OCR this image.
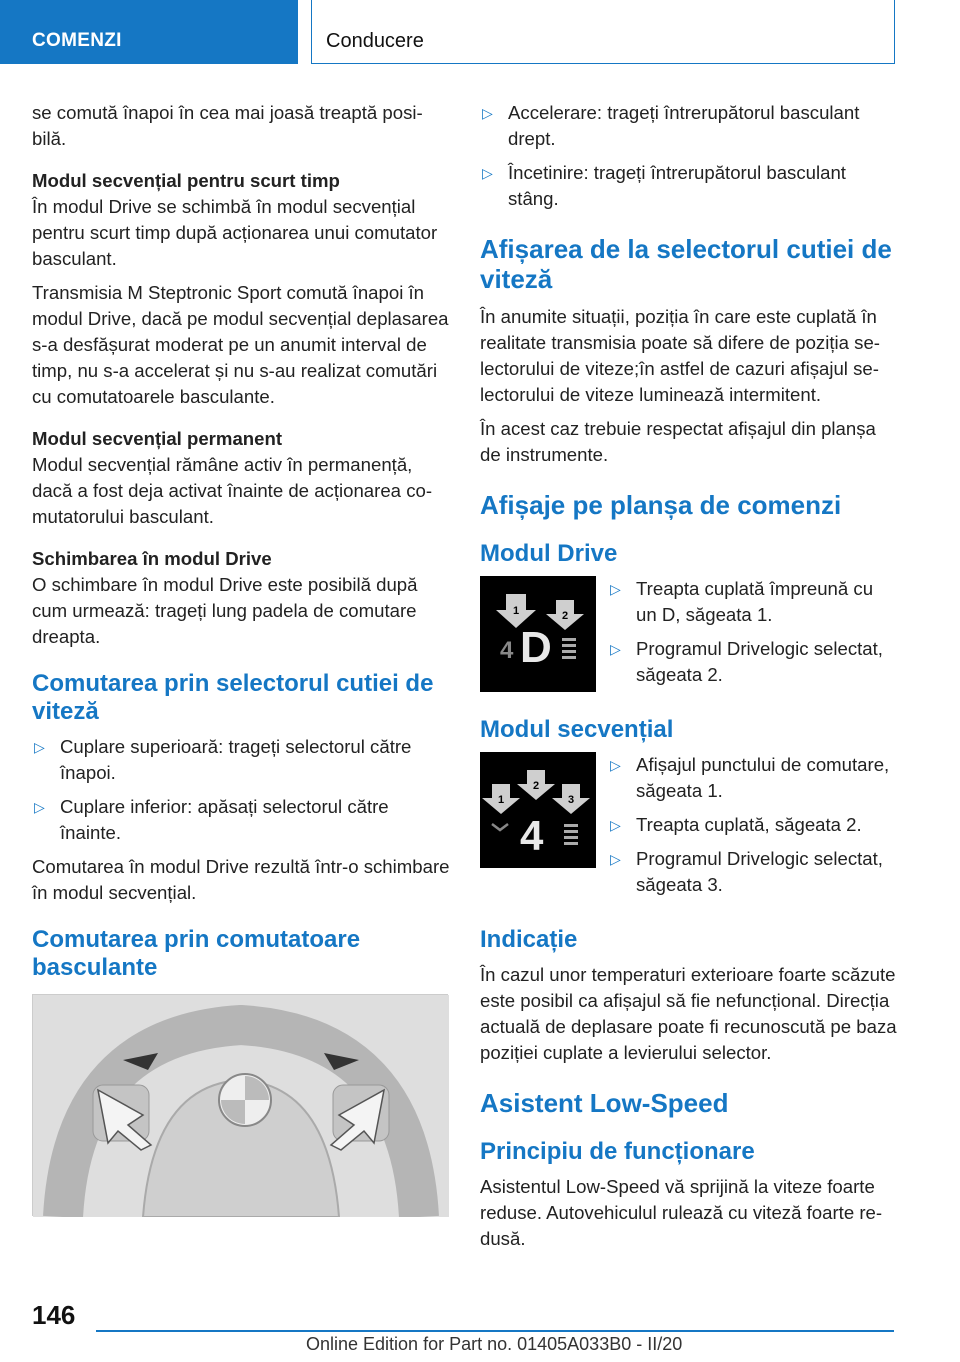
COMENZI	Conducere

se comută înapoi în cea mai joasă treaptă posibilă.

Modul secvențial pentru scurt timp

În modul Drive se schimbă în modul secvențial pentru scurt timp după acționarea unui comutator basculant.

Transmisia M Steptronic Sport comută înapoi în modul Drive, dacă pe modul secvențial deplasarea s-a desfășurat moderat pe un anumit interval de timp, nu s-a accelerat și nu s-au realizat comutări cu comutatoarele basculante.

Modul secvențial permanent

Modul secvențial rămâne activ în permanență, dacă a fost deja activat înainte de acționarea comutatorului basculant.

Schimbarea în modul Drive

O schimbare în modul Drive este posibilă după cum urmează: trageți lung padela de comutare dreapta.

Comutarea prin selectorul cutiei de viteză
▷ Cuplare superioară: trageți selectorul către înapoi.
▷ Cuplare inferior: apăsați selectorul către înainte.

Comutarea în modul Drive rezultă într-o schimbare în modul secvențial.

Comutarea prin comutatoare basculante
▷ Accelerare: trageți întrerupătorul basculant drept.
▷ Încetinire: trageți întrerupătorul basculant stâng.
Afișarea de la selectorul cutiei de viteză

În anumite situații, poziția în care este cuplată în realitate transmisia poate să difere de poziția selectorului de viteze;în astfel de cazuri afișajul selectorului de viteze luminează intermitent.

În acest caz trebuie respectat afișajul din planșa de instrumente.

Afișaje pe planșa de comenzi
Modul Drive
1	2
4 D
▷ Treapta cuplată împreună cu un D, săgeata 1.
▷ Programul Drivelogic selectat, săgeata 2.
Modul secvențial
1
2
3
4
▷ Afișajul punctului de comutare, săgeata 1.
▷ Treapta cuplată, săgeata 2.
▷ Programul Drivelogic selectat, săgeata 3.
Indicație

În cazul unor temperaturi exterioare foarte scăzute este posibil ca afișajul să fie nefuncțional. Direcția actuală de deplasare poate fi recunoscută pe baza poziției cuplate a levierului selector.

Asistent Low-Speed
Principiu de funcționare

Asistentul Low-Speed vă sprijină la viteze foarte reduse. Autovehiculul rulează cu viteză foarte redusă.

146
Online Edition for Part no. 01405A033B0 - II/20
